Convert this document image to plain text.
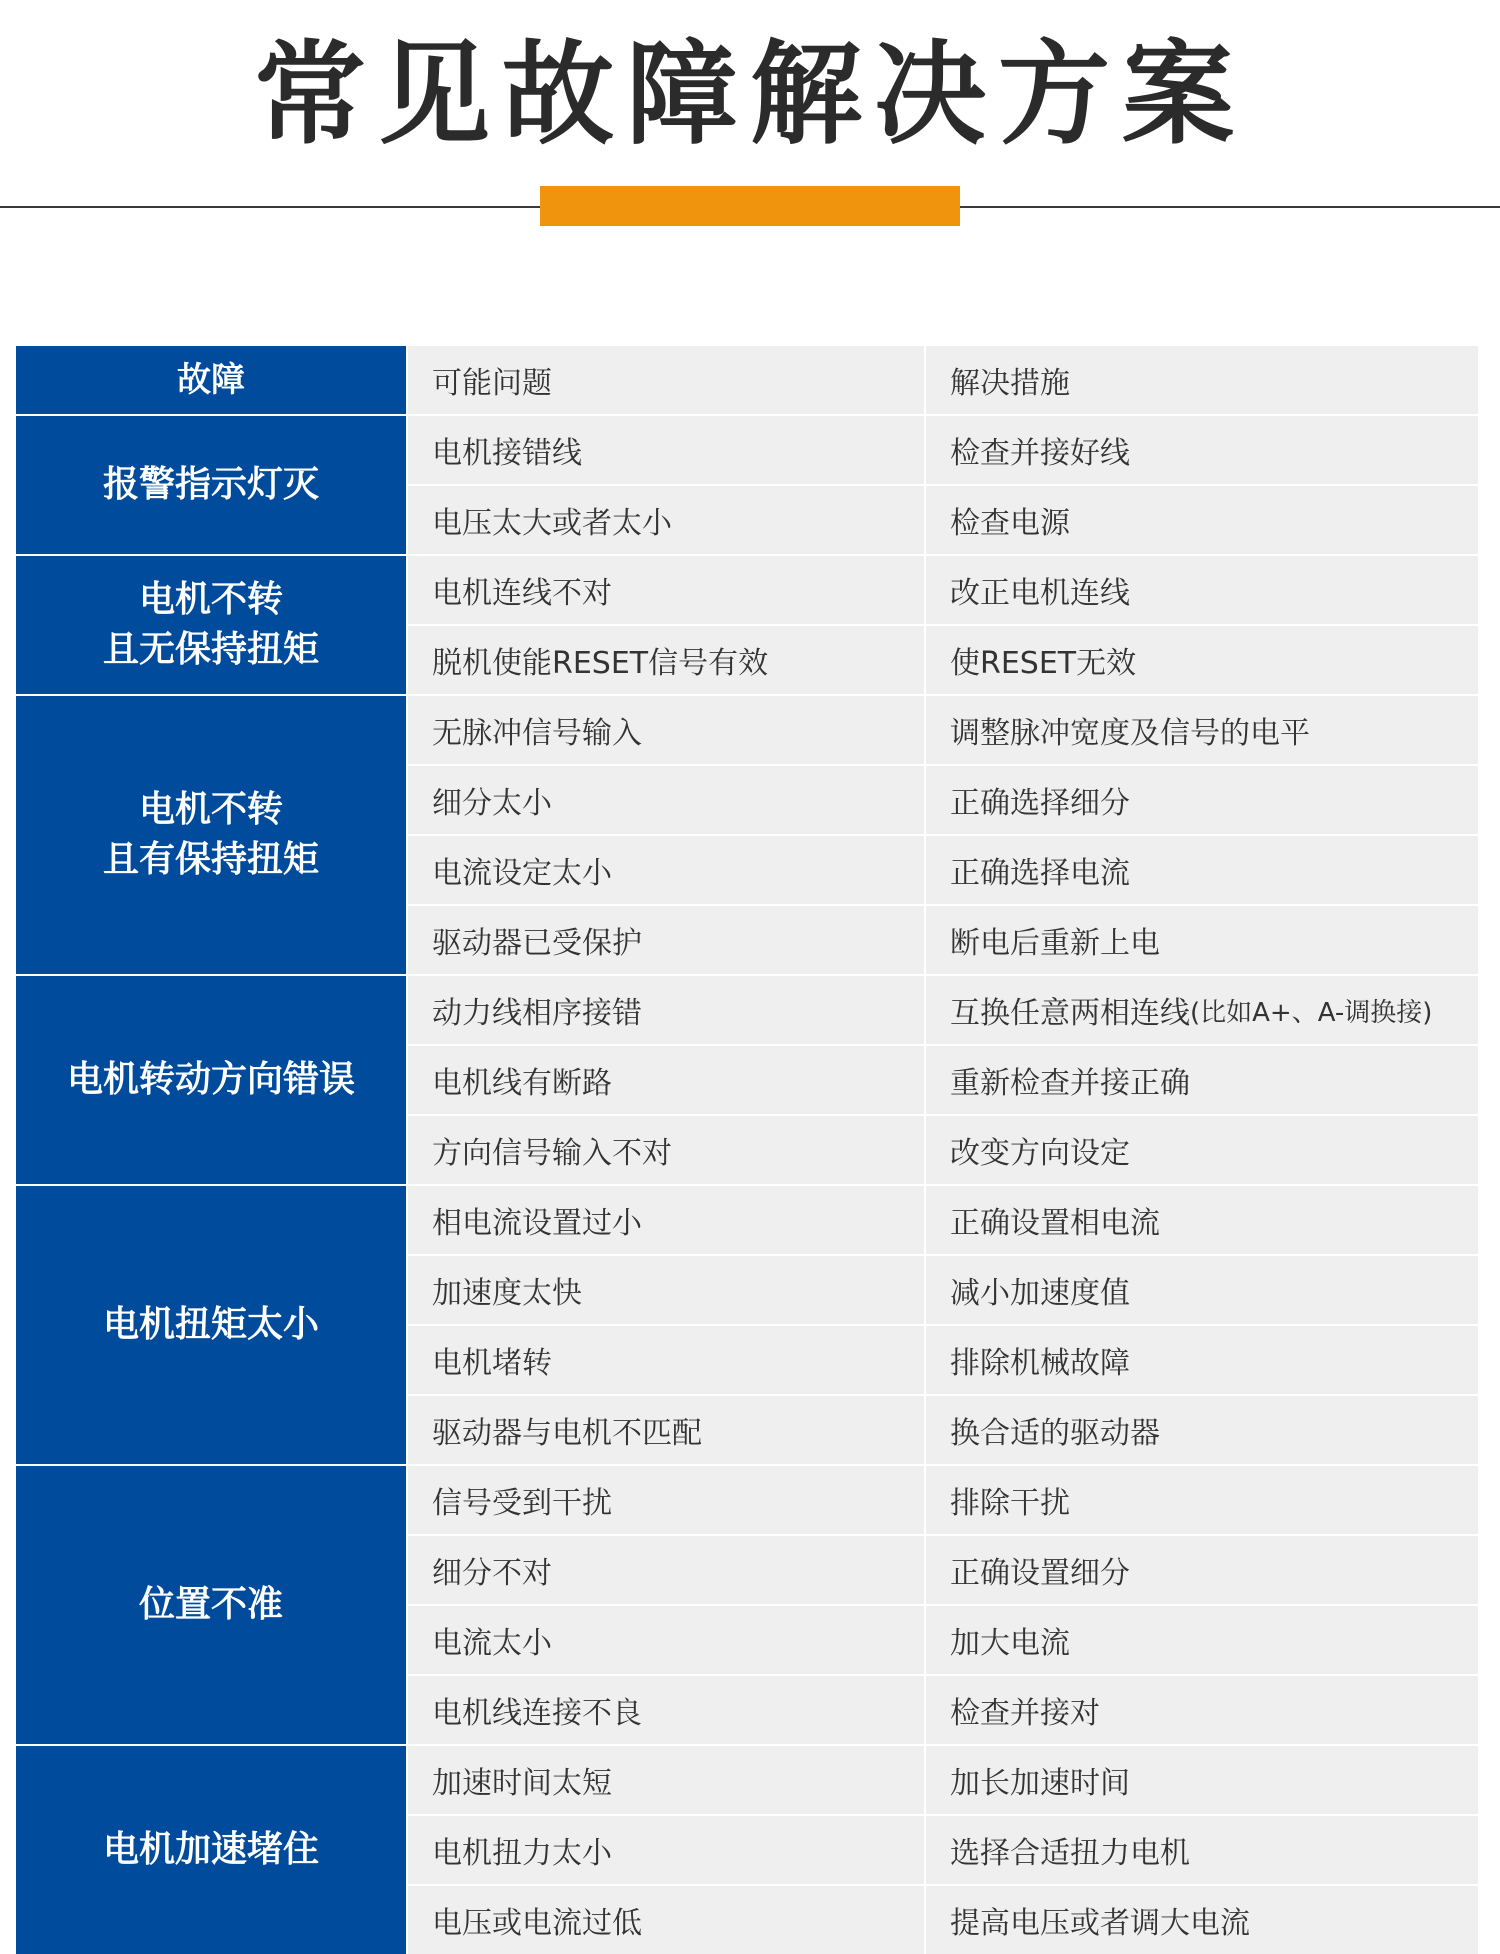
常见故障解决方案
故障	可能问题	解决措施
报警指示灯灭
电机接错线	检查并接好线
电压太大或者太小	检查电源
电机不转
且无保持扭矩
电机连线不对	改正电机连线
脱机使能RESET信号有效	使RESET无效
电机不转
且有保持扭矩
无脉冲信号输入	调整脉冲宽度及信号的电平
细分太小	正确选择细分
电流设定太小	正确选择电流
驱动器已受保护	断电后重新上电
电机转动方向错误
动力线相序接错	互换任意两相连线 (比如A+、A-调换接)
电机线有断路	重新检查并接正确
方向信号输入不对	改变方向设定
电机扭矩太小
相电流设置过小	正确设置相电流
加速度太快	减小加速度值
电机堵转	排除机械故障
驱动器与电机不匹配	换合适的驱动器
位置不准
信号受到干扰	排除干扰
细分不对	正确设置细分
电流太小	加大电流
电机线连接不良	检查并接对
电机加速堵住
加速时间太短	加长加速时间
电机扭力太小	选择合适扭力电机
电压或电流过低	提高电压或者调大电流
